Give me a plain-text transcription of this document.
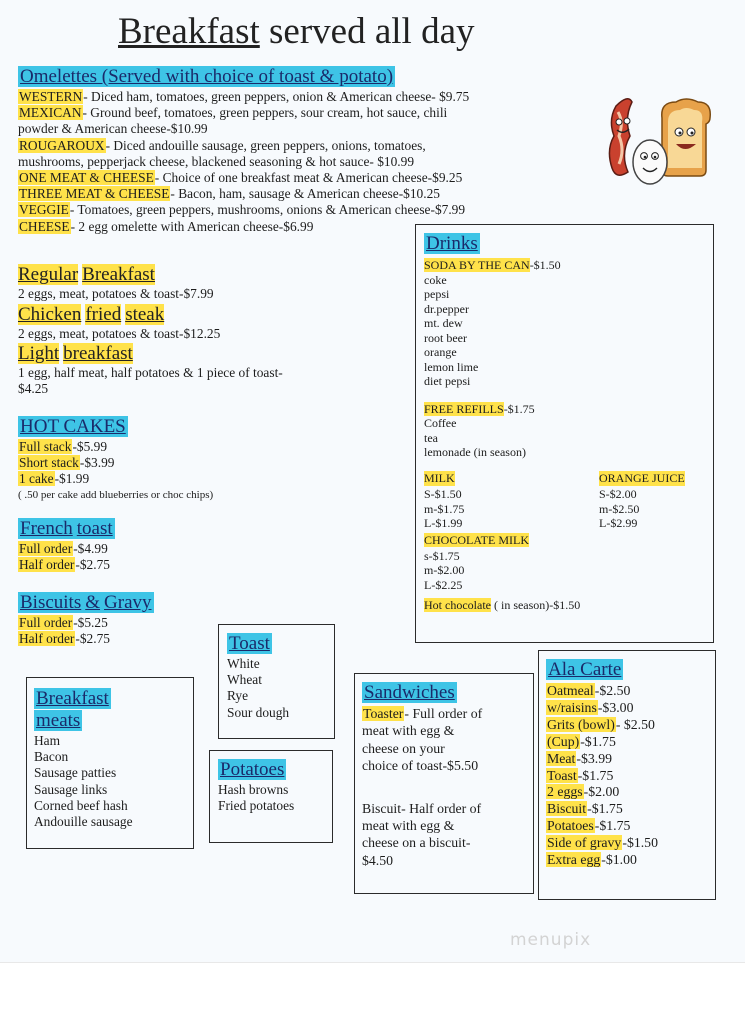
Breakfast served all day
Omelettes (Served with choice of toast & potato)
WESTERN- Diced ham, tomatoes, green peppers, onion & American cheese- $9.75
MEXICAN- Ground beef, tomatoes, green peppers, sour cream, hot sauce, chili
powder & American cheese-$10.99
ROUGAROUX- Diced andouille sausage, green peppers, onions, tomatoes,
mushrooms, pepperjack cheese, blackened seasoning & hot sauce- $10.99
ONE MEAT & CHEESE- Choice of one breakfast meat & American cheese-$9.25
THREE MEAT & CHEESE- Bacon, ham, sausage & American cheese-$10.25
VEGGIE- Tomatoes, green peppers, mushrooms, onions & American cheese-$7.99
CHEESE- 2 egg omelette with American cheese-$6.99
Regular Breakfast
2 eggs, meat, potatoes & toast-$7.99
Chicken fried steak
2 eggs, meat, potatoes & toast-$12.25
Light breakfast
1 egg, half meat, half potatoes & 1 piece of toast-
$4.25
HOT CAKES
Full stack-$5.99
Short stack-$3.99
1 cake-$1.99
( .50 per cake add blueberries or choc chips)
French toast
Full order-$4.99
Half order-$2.75
Biscuits & Gravy
Full order-$5.25
Half order-$2.75
Drinks
SODA BY THE CAN-$1.50
coke
pepsi
dr.pepper
mt. dew
root beer
orange
lemon lime
diet pepsi
FREE REFILLS-$1.75
Coffee
tea
lemonade (in season)
MILK
S-$1.50
m-$1.75
L-$1.99
CHOCOLATE MILK
s-$1.75
m-$2.00
L-$2.25
ORANGE JUICE
S-$2.00
m-$2.50
L-$2.99
Hot chocolate ( in season)-$1.50
Toast
White
Wheat
Rye
Sour dough
Potatoes
Hash browns
Fried potatoes
Breakfast
meats
Ham
Bacon
Sausage patties
Sausage links
Corned beef hash
Andouille sausage
Sandwiches
Toaster- Full order of
meat with egg &
cheese on your
choice of toast-$5.50
Biscuit- Half order of
meat with egg &
cheese on a biscuit-
$4.50
Ala Carte
Oatmeal-$2.50
w/raisins-$3.00
Grits (bowl)- $2.50
(Cup)-$1.75
Meat-$3.99
Toast-$1.75
2 eggs-$2.00
Biscuit-$1.75
Potatoes-$1.75
Side of gravy-$1.50
Extra egg-$1.00
menupix
